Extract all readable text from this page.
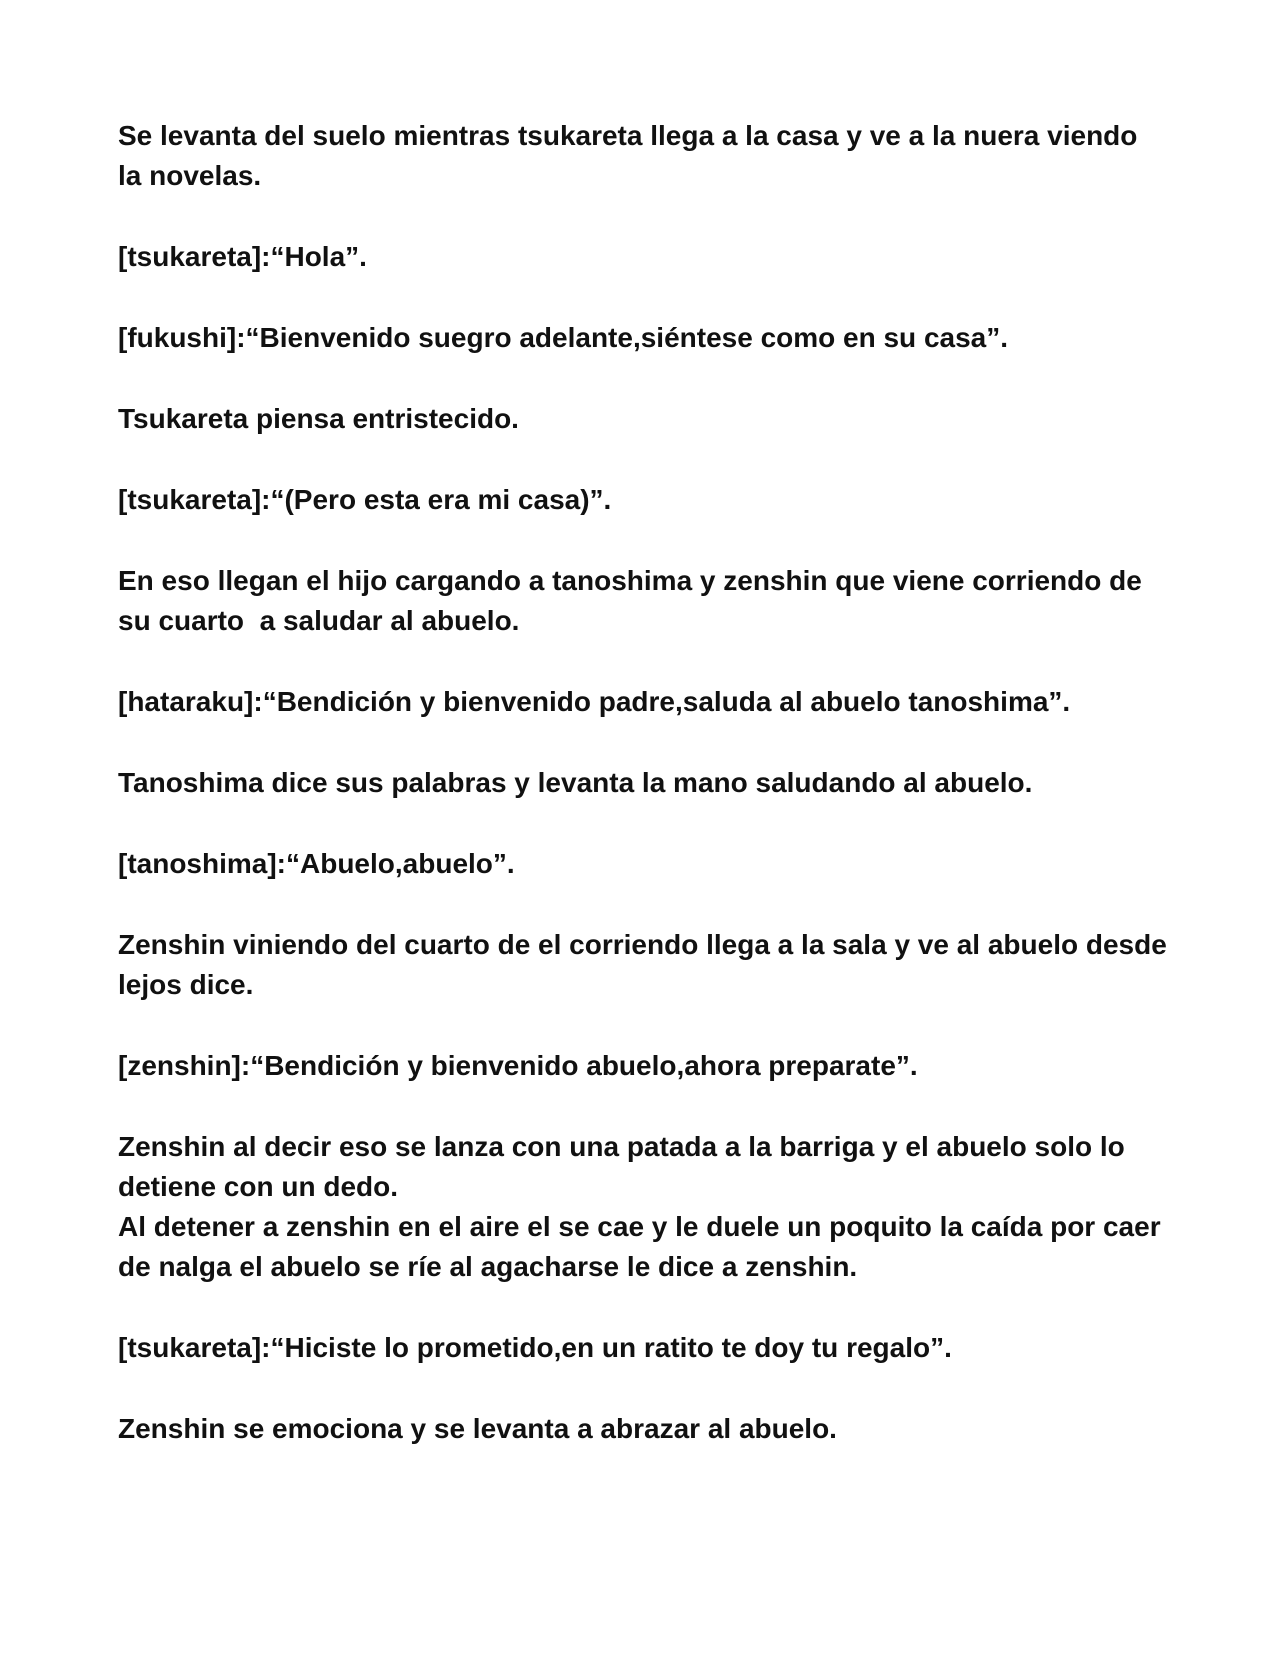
Se levanta del suelo mientras tsukareta llega a la casa y ve a la nuera viendo la novelas.

[tsukareta]:“Hola”.

[fukushi]:“Bienvenido suegro adelante,siéntese como en su casa”.

Tsukareta piensa entristecido.

[tsukareta]:“(Pero esta era mi casa)”.

En eso llegan el hijo cargando a tanoshima y zenshin que viene corriendo de su cuarto  a saludar al abuelo.

[hataraku]:“Bendición y bienvenido padre,saluda al abuelo tanoshima”.

Tanoshima dice sus palabras y levanta la mano saludando al abuelo.

[tanoshima]:“Abuelo,abuelo”.

Zenshin viniendo del cuarto de el corriendo llega a la sala y ve al abuelo desde lejos dice.

[zenshin]:“Bendición y bienvenido abuelo,ahora preparate”.

Zenshin al decir eso se lanza con una patada a la barriga y el abuelo solo lo detiene con un dedo.

Al detener a zenshin en el aire el se cae y le duele un poquito la caída por caer de nalga el abuelo se ríe al agacharse le dice a zenshin.

[tsukareta]:“Hiciste lo prometido,en un ratito te doy tu regalo”.

Zenshin se emociona y se levanta a abrazar al abuelo.
